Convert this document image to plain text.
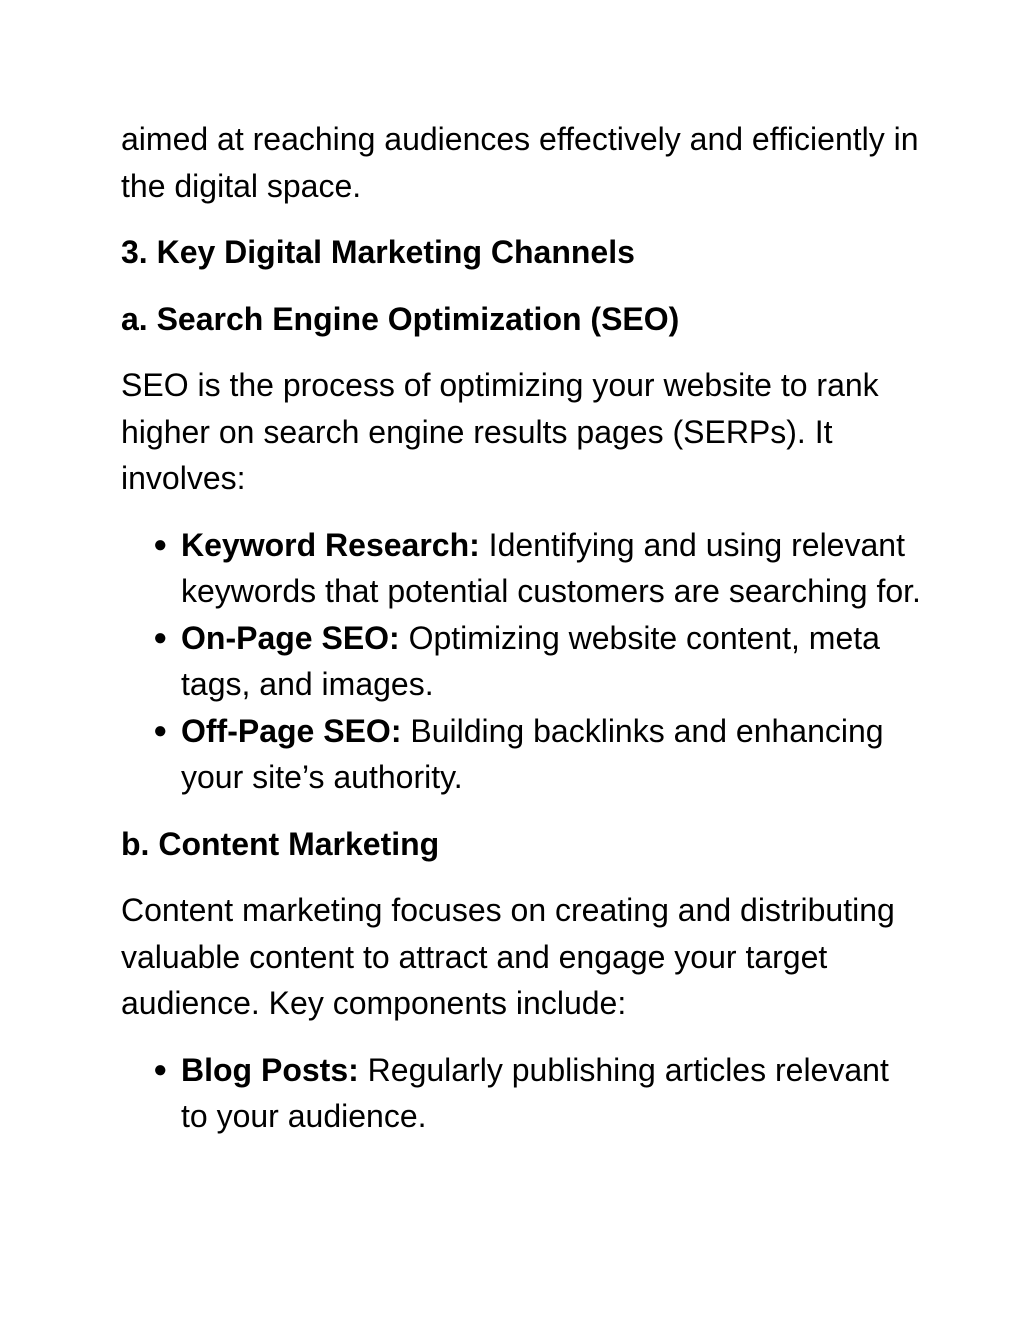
aimed at reaching audiences effectively and efficiently in the digital space.

3. Key Digital Marketing Channels
a. Search Engine Optimization (SEO)

SEO is the process of optimizing your website to rank higher on search engine results pages (SERPs). It involves:

● Keyword Research: Identifying and using relevant keywords that potential customers are searching for.
● On-Page SEO: Optimizing website content, meta tags, and images.
● Off-Page SEO: Building backlinks and enhancing your site’s authority.
b. Content Marketing

Content marketing focuses on creating and distributing valuable content to attract and engage your target audience. Key components include:

● Blog Posts: Regularly publishing articles relevant to your audience.
